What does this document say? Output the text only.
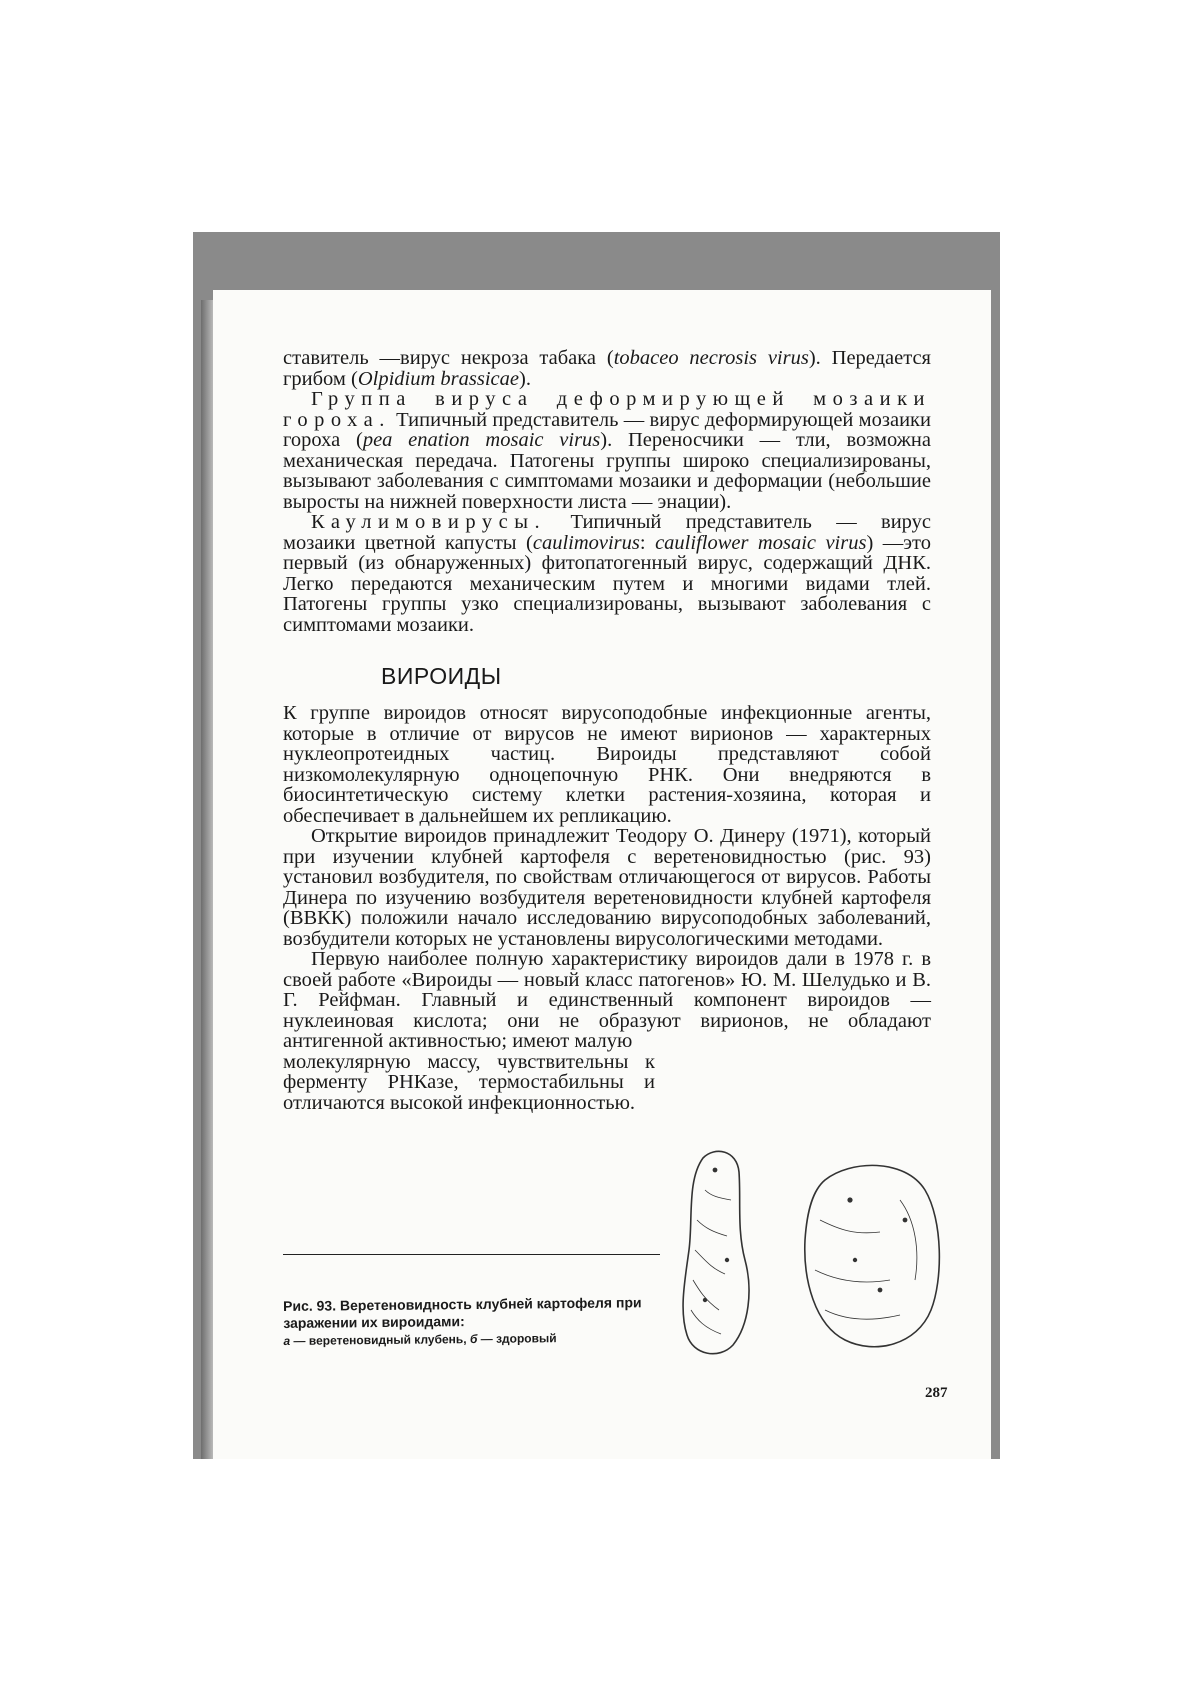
ставитель —вирус некроза табака (tobaceo necrosis virus). Передается грибом (Olpidium brassicae).

Группа вируса деформирующей мозаики гороха. Типичный представитель — вирус деформирующей мозаики гороха (pea enation mosaic virus). Переносчики — тли, возможна механическая передача. Патогены группы широко специализированы, вызывают заболевания с симптомами мозаики и деформации (небольшие выросты на нижней поверхности листа — энации).

Каулимовирусы. Типичный представитель — вирус мозаики цветной капусты (caulimovirus: cauliflower mosaic virus) —это первый (из обнаруженных) фитопатогенный вирус, содержащий ДНК. Легко передаются механическим путем и многими видами тлей. Патогены группы узко специализированы, вызывают заболевания с симптомами мозаики.

ВИРОИДЫ

К группе вироидов относят вирусоподобные инфекционные агенты, которые в отличие от вирусов не имеют вирионов — характерных нуклеопротеидных частиц. Вироиды представляют собой низкомолекулярную одноцепочную РНК. Они внедряются в биосинтетическую систему клетки растения-хозяина, которая и обеспечивает в дальнейшем их репликацию.

Открытие вироидов принадлежит Теодору О. Динеру (1971), который при изучении клубней картофеля с веретеновидностью (рис. 93) установил возбудителя, по свойствам отличающегося от вирусов. Работы Динера по изучению возбудителя веретеновидности клубней картофеля (ВВКК) положили начало исследованию вирусоподобных заболеваний, возбудители которых не установлены вирусологическими методами.

Первую наиболее полную характеристику вироидов дали в 1978 г. в своей работе «Вироиды — новый класс патогенов» Ю. М. Шелудько и В. Г. Рейфман. Главный и единственный компонент вироидов — нуклеиновая кислота; они не образуют вирионов, не обладают антигенной активностью; имеют малую

молекулярную массу, чувствительны к ферменту РНКазе, термостабильны и отличаются высокой инфекционностью.

Рис. 93. Веретеновидность клубней картофеля при заражении их вироидами:
а — веретеновидный клубень, б — здоровый
287
